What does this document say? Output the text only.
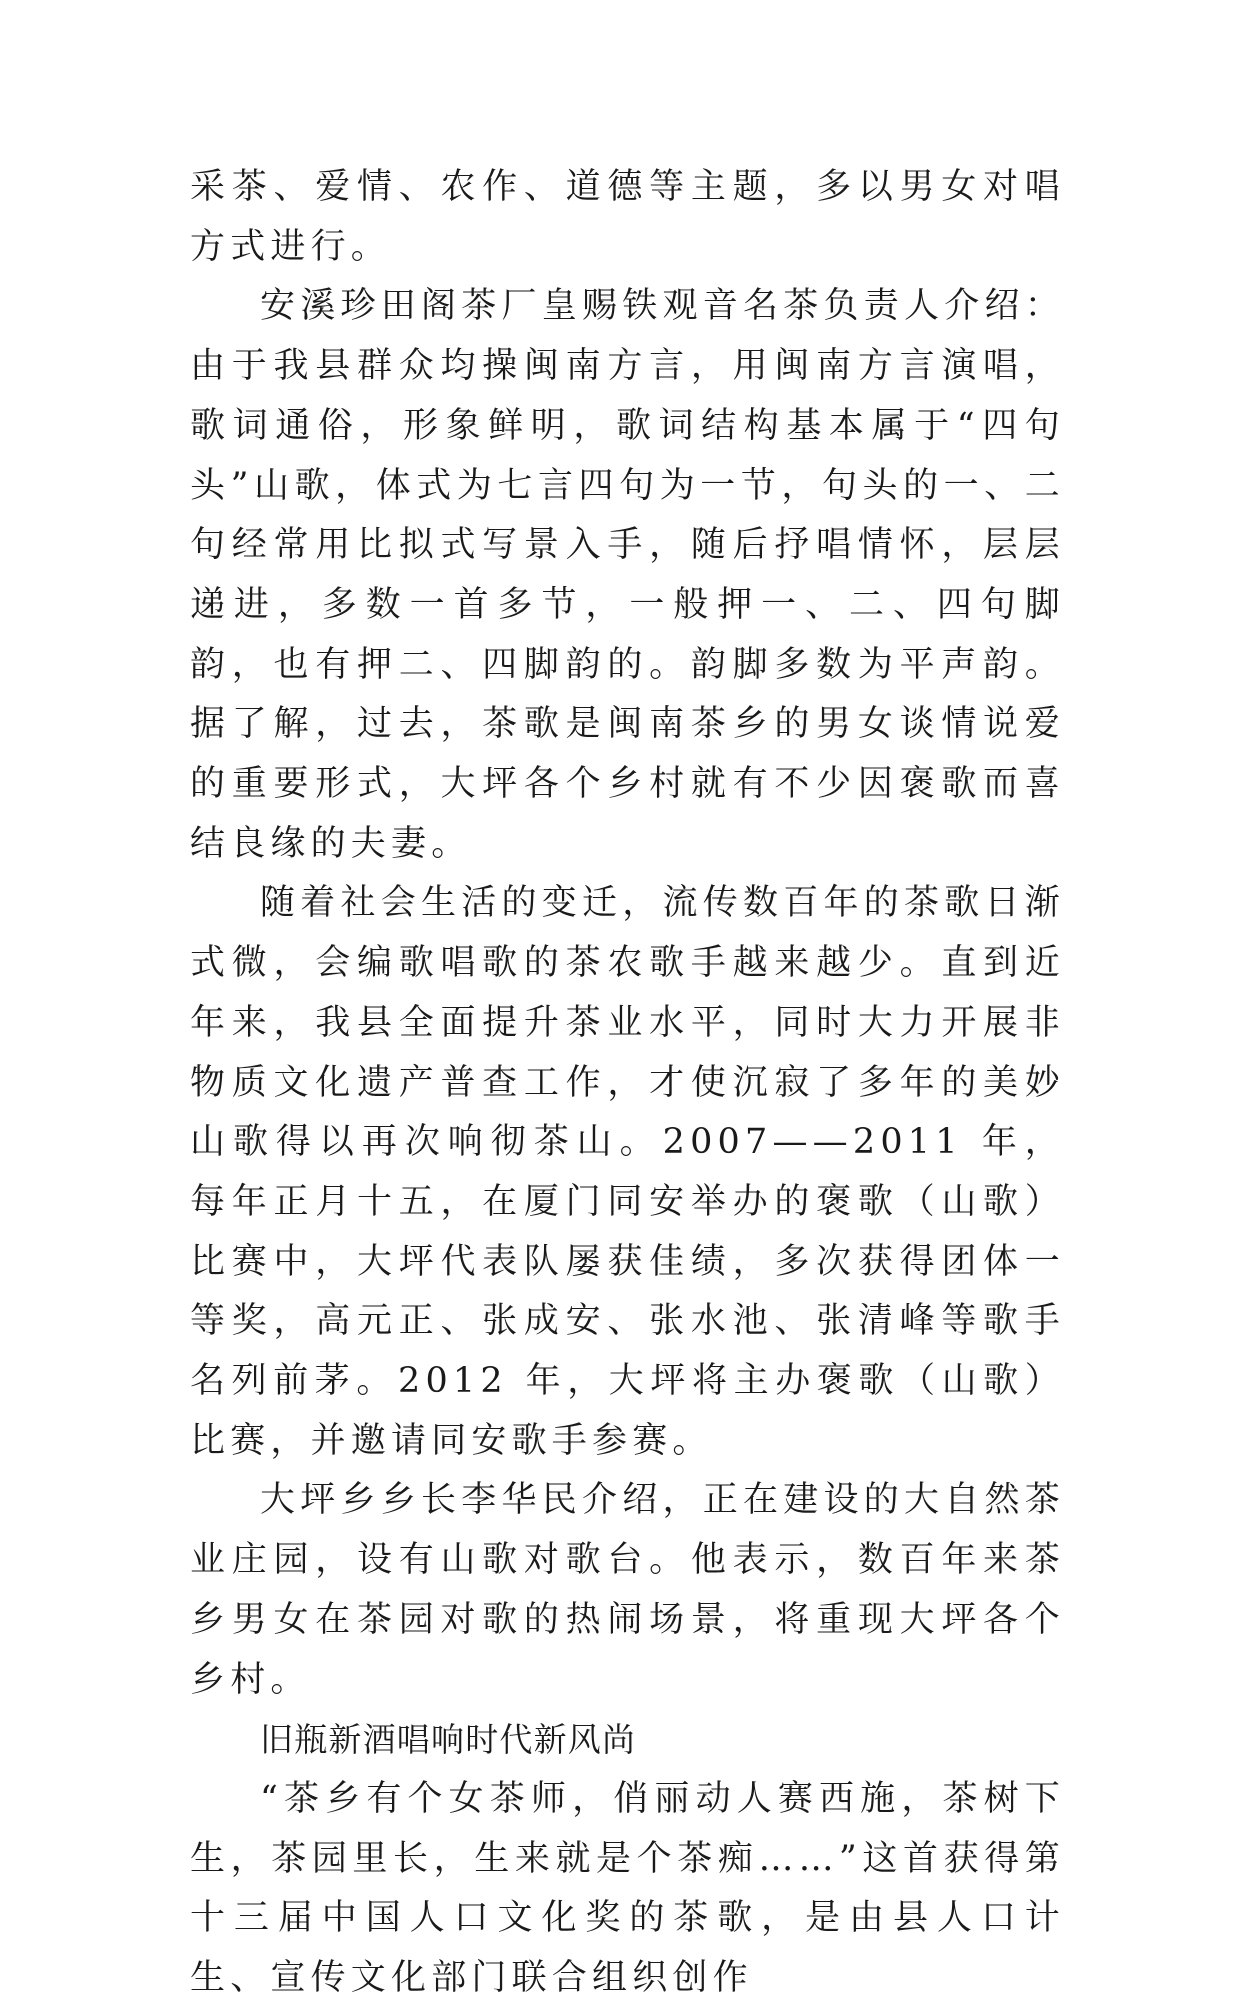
采茶、爱情、农作、道德等主题，多以男女对唱方式进行。

安溪珍田阁茶厂皇赐铁观音名茶负责人介绍：由于我县群众均操闽南方言，用闽南方言演唱，歌词通俗，形象鲜明，歌词结构基本属于“四句头”山歌，体式为七言四句为一节，句头的一、二句经常用比拟式写景入手，随后抒唱情怀，层层递进，多数一首多节，一般押一、二、四句脚韵，也有押二、四脚韵的。韵脚多数为平声韵。据了解，过去，茶歌是闽南茶乡的男女谈情说爱的重要形式，大坪各个乡村就有不少因褒歌而喜结良缘的夫妻。

随着社会生活的变迁，流传数百年的茶歌日渐式微，会编歌唱歌的茶农歌手越来越少。直到近年来，我县全面提升茶业水平，同时大力开展非物质文化遗产普查工作，才使沉寂了多年的美妙山歌得以再次响彻茶山。2007——2011 年，每年正月十五，在厦门同安举办的褒歌（山歌）比赛中，大坪代表队屡获佳绩，多次获得团体一等奖，高元正、张成安、张水池、张清峰等歌手名列前茅。2012 年，大坪将主办褒歌（山歌）比赛，并邀请同安歌手参赛。

大坪乡乡长李华民介绍，正在建设的大自然茶业庄园，设有山歌对歌台。他表示，数百年来茶乡男女在茶园对歌的热闹场景，将重现大坪各个乡村。

旧瓶新酒唱响时代新风尚

“茶乡有个女茶师，俏丽动人赛西施，茶树下生，茶园里长，生来就是个茶痴……”这首获得第十三届中国人口文化奖的茶歌，是由县人口计生、宣传文化部门联合组织创作
